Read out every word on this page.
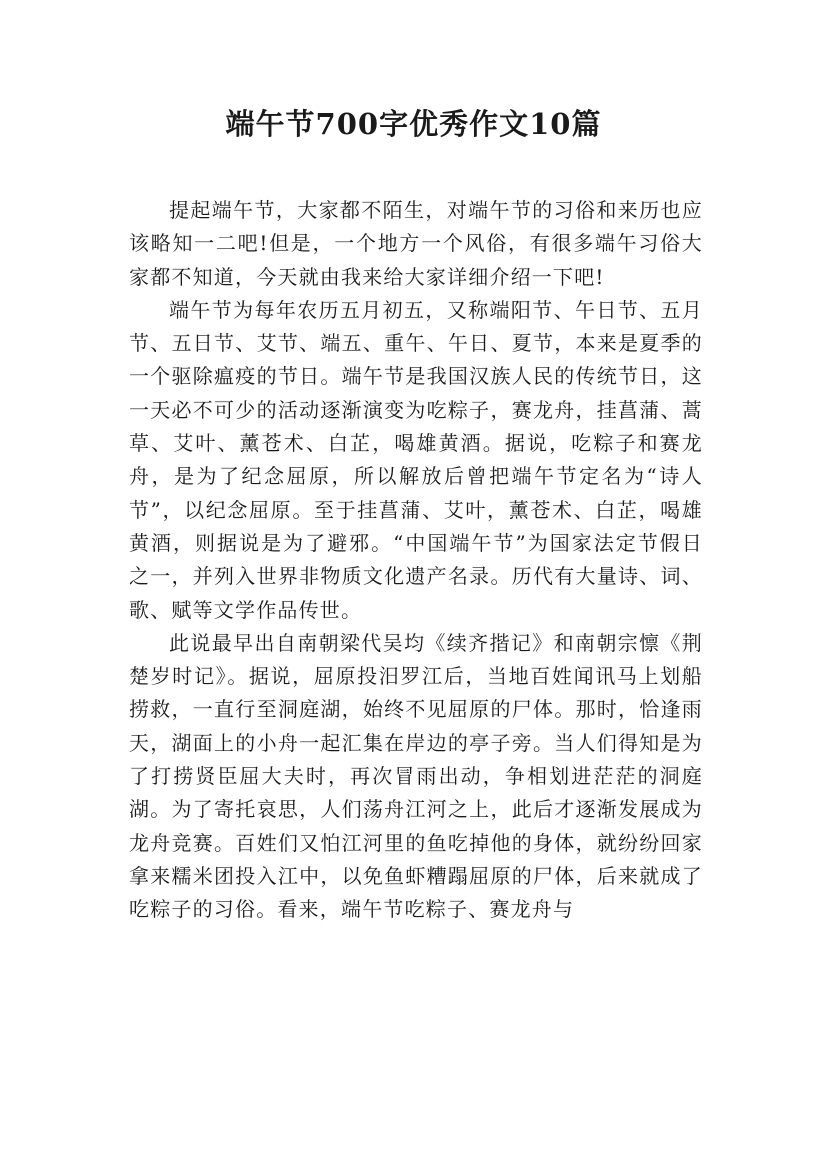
端午节700字优秀作文10篇

提起端午节，大家都不陌生，对端午节的习俗和来历也应该略知一二吧!但是，一个地方一个风俗，有很多端午习俗大家都不知道，今天就由我来给大家详细介绍一下吧!

端午节为每年农历五月初五，又称端阳节、午日节、五月节、五日节、艾节、端五、重午、午日、夏节，本来是夏季的一个驱除瘟疫的节日。端午节是我国汉族人民的传统节日，这一天必不可少的活动逐渐演变为吃粽子，赛龙舟，挂菖蒲、蒿草、艾叶、薰苍术、白芷，喝雄黄酒。据说，吃粽子和赛龙舟，是为了纪念屈原，所以解放后曾把端午节定名为“诗人节”，以纪念屈原。至于挂菖蒲、艾叶，薰苍术、白芷，喝雄黄酒，则据说是为了避邪。“中国端午节”为国家法定节假日之一，并列入世界非物质文化遗产名录。历代有大量诗、词、歌、赋等文学作品传世。

此说最早出自南朝梁代吴均《续齐揩记》和南朝宗懔《荆楚岁时记》。据说，屈原投汨罗江后，当地百姓闻讯马上划船捞救，一直行至洞庭湖，始终不见屈原的尸体。那时，恰逢雨天，湖面上的小舟一起汇集在岸边的亭子旁。当人们得知是为了打捞贤臣屈大夫时，再次冒雨出动，争相划进茫茫的洞庭湖。为了寄托哀思，人们荡舟江河之上，此后才逐渐发展成为龙舟竞赛。百姓们又怕江河里的鱼吃掉他的身体，就纷纷回家拿来糯米团投入江中，以免鱼虾糟蹋屈原的尸体，后来就成了吃粽子的习俗。看来，端午节吃粽子、赛龙舟与
